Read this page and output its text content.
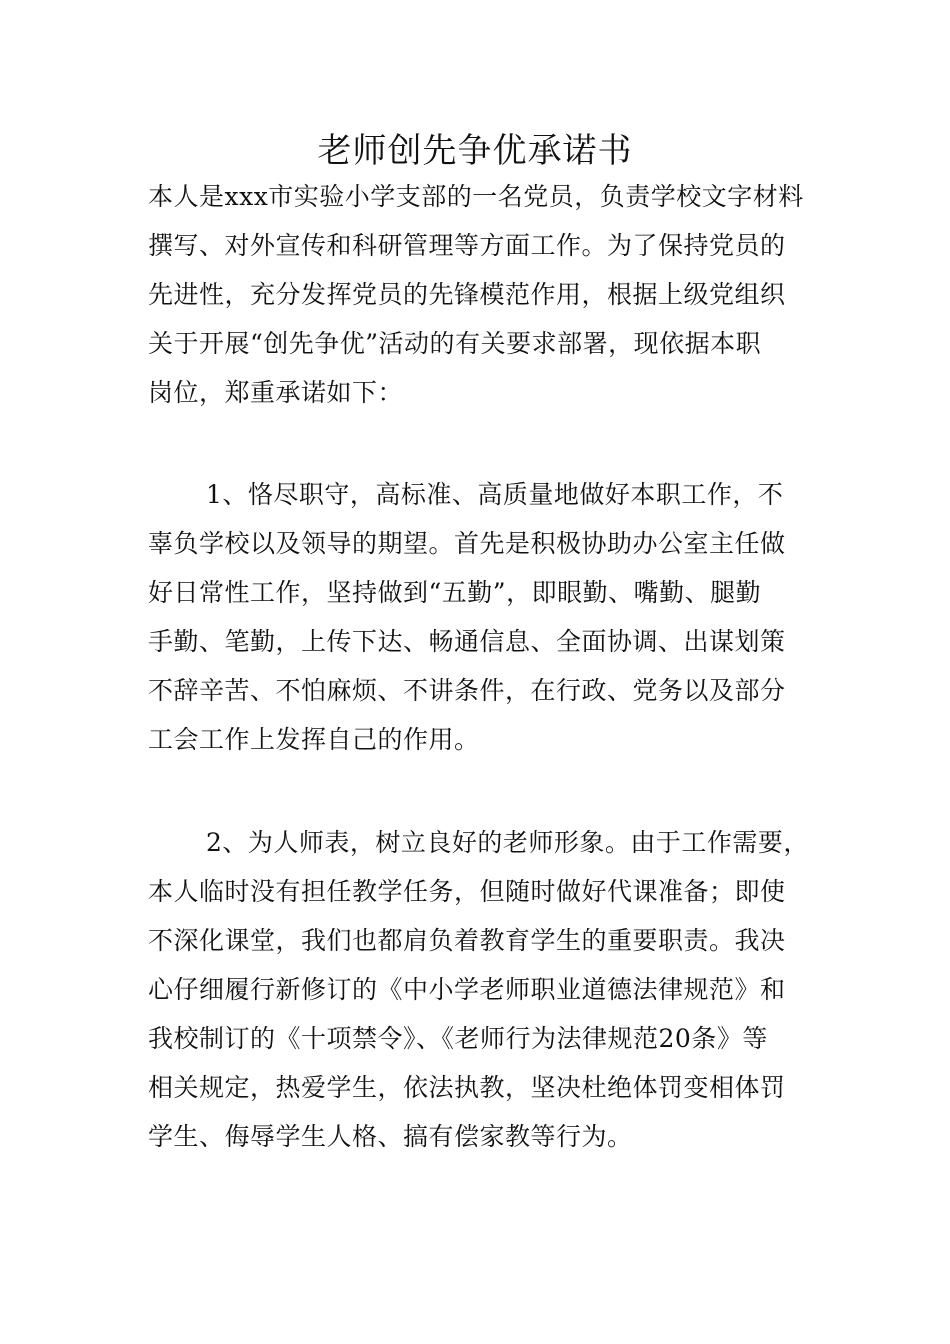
老师创先争优承诺书
本人是xxx市实验小学支部的一名党员，负责学校文字材料
撰写、对外宣传和科研管理等方面工作。为了保持党员的
先进性，充分发挥党员的先锋模范作用，根据上级党组织
关于开展“创先争优”活动的有关要求部署，现依据本职
岗位，郑重承诺如下：
1、恪尽职守，高标准、高质量地做好本职工作，不
辜负学校以及领导的期望。首先是积极协助办公室主任做
好日常性工作，坚持做到“五勤”，即眼勤、嘴勤、腿勤
手勤、笔勤，上传下达、畅通信息、全面协调、出谋划策
不辞辛苦、不怕麻烦、不讲条件，在行政、党务以及部分
工会工作上发挥自己的作用。
2、为人师表，树立良好的老师形象。由于工作需要，
本人临时没有担任教学任务，但随时做好代课准备；即使
不深化课堂，我们也都肩负着教育学生的重要职责。我决
心仔细履行新修订的《中小学老师职业道德法律规范》和
我校制订的《十项禁令》、《老师行为法律规范20条》等
相关规定，热爱学生，依法执教，坚决杜绝体罚变相体罚
学生、侮辱学生人格、搞有偿家教等行为。
